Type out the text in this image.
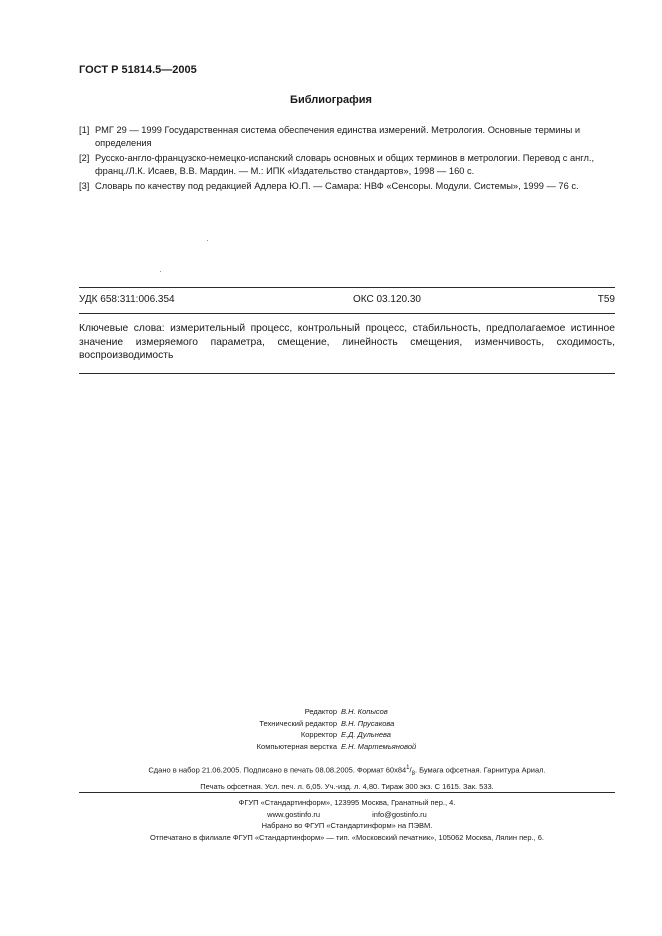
ГОСТ Р 51814.5—2005
Библиография
[1] РМГ 29 — 1999 Государственная система обеспечения единства измерений. Метрология. Основные термины и определения
[2] Русско-англо-французско-немецко-испанский словарь основных и общих терминов в метрологии. Перевод с англ., франц./Л.К. Исаев, В.В. Мардин. — М.: ИПК «Издательство стандартов», 1998 — 160 с.
[3] Словарь по качеству под редакцией Адлера Ю.П. — Самара: НВФ «Сенсоры. Модули. Системы», 1999 — 76 с.
УДК 658:311:006.354	ОКС 03.120.30	Т59
Ключевые слова: измерительный процесс, контрольный процесс, стабильность, предполагаемое истинное значение измеряемого параметра, смещение, линейность смещения, изменчивость, сходимость, воспроизводимость
Редактор В.Н. Копысов
Технический редактор В.Н. Прусакова
Корректор Е.Д. Дульнева
Компьютерная верстка Е.Н. Мартемьяновой
Сдано в набор 21.06.2005. Подписано в печать 08.08.2005. Формат $60х84^1/_8$. Бумага офсетная. Гарнитура Ариал.
Печать офсетная. Усл. печ. л. 6,05. Уч.-изд. л. 4,80. Тираж 300 экз. С 1615. Зак. 533.
ФГУП «Стандартинформ», 123995 Москва, Гранатный пер., 4.
www.gostinfo.ru	info@gostinfo.ru
Набрано во ФГУП «Стандартинформ» на ПЭВМ.
Отпечатано в филиале ФГУП «Стандартинформ» — тип. «Московский печатник», 105062 Москва, Лялин пер., 6.
